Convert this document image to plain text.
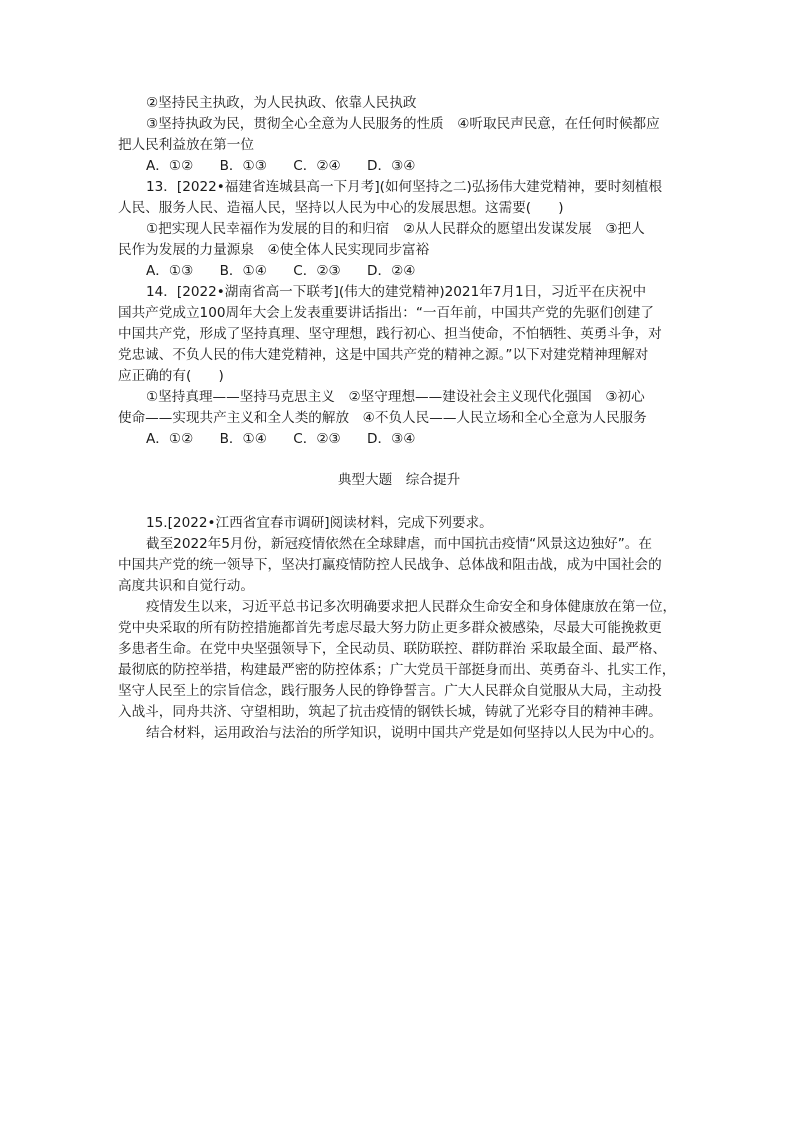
②坚持民主执政，为人民执政、依靠人民执政
③坚持执政为民，贯彻全心全意为人民服务的性质　④听取民声民意，在任何时候都应
把人民利益放在第一位
A．①② B．①③ C．②④ D．③④
13．[2022•福建省连城县高一下月考](如何坚持之二)弘扬伟大建党精神，要时刻植根
人民、服务人民、造福人民，坚持以人民为中心的发展思想。这需要(　　)
①把实现人民幸福作为发展的目的和归宿　②从人民群众的愿望出发谋发展　③把人
民作为发展的力量源泉　④使全体人民实现同步富裕
A．①③ B．①④ C．②③ D．②④
14．[2022•湖南省高一下联考](伟大的建党精神)2021年7月1日，习近平在庆祝中
国共产党成立100周年大会上发表重要讲话指出：“一百年前，中国共产党的先驱们创建了
中国共产党，形成了坚持真理、坚守理想，践行初心、担当使命，不怕牺牲、英勇斗争，对
党忠诚、不负人民的伟大建党精神，这是中国共产党的精神之源。”以下对建党精神理解对
应正确的有(　　)
①坚持真理——坚持马克思主义　②坚守理想——建设社会主义现代化强国　③初心
使命——实现共产主义和全人类的解放　④不负人民——人民立场和全心全意为人民服务
A．①② B．①④ C．②③ D．③④
典型大题　综合提升
15.[2022•江西省宜春市调研]阅读材料，完成下列要求。
截至2022年5月份，新冠疫情依然在全球肆虐，而中国抗击疫情“风景这边独好”。在
中国共产党的统一领导下，坚决打赢疫情防控人民战争、总体战和阻击战，成为中国社会的
高度共识和自觉行动。
疫情发生以来，习近平总书记多次明确要求把人民群众生命安全和身体健康放在第一位，
党中央采取的所有防控措施都首先考虑尽最大努力防止更多群众被感染，尽最大可能挽救更
多患者生命。在党中央坚强领导下，全民动员、联防联控、群防群治 采取最全面、最严格、
最彻底的防控举措，构建最严密的防控体系；广大党员干部挺身而出、英勇奋斗、扎实工作，
坚守人民至上的宗旨信念，践行服务人民的铮铮誓言。广大人民群众自觉服从大局，主动投
入战斗，同舟共济、守望相助，筑起了抗击疫情的钢铁长城，铸就了光彩夺目的精神丰碑。
结合材料，运用政治与法治的所学知识，说明中国共产党是如何坚持以人民为中心的。
